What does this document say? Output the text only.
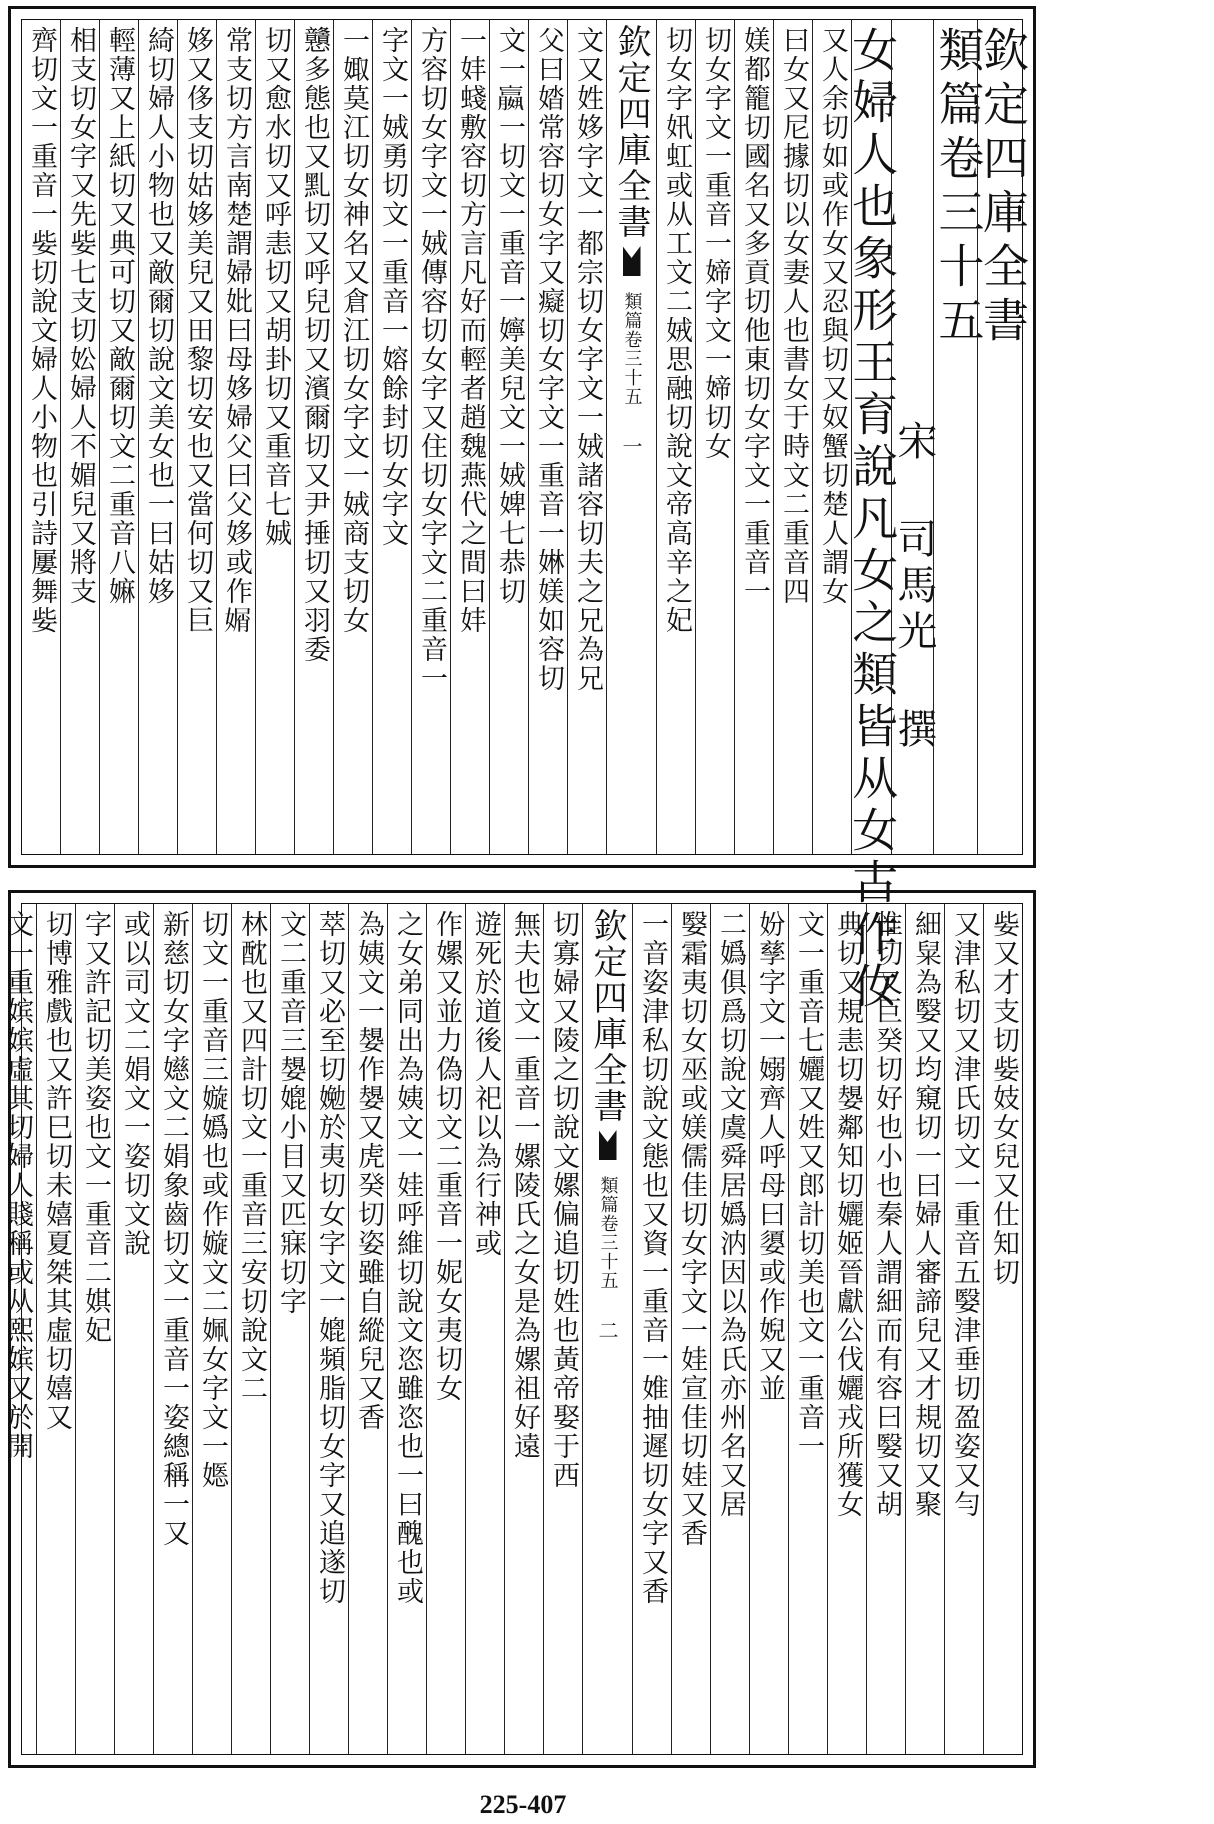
欽定四庫全書
類篇卷三十五
宋 司馬光 撰
女婦人也象形王育說凡女之類皆从女古作㚢
又人余切如或作女又忍與切又奴蟹切楚人謂女
曰女又尼據切以女妻人也書女于時文二重音四
媄都籠切國名又多貢切他東切女字文一重音一
切女字文一重音一媂字文一媂切女
切女字㚨虹或从工文二娀思融切說文帝高辛之妃
欽定四庫全書
類篇卷三十五
一
文又姓姼字文一都宗切女字文一娀諸容切夫之兄為兄
父曰㛥常容切女字又癡切女字文一重音一㛦媄如容切
文一𡣍一切文一重音一嬣美兒文一娀婢七恭切
一妦䗃敷容切方言凡好而輕者趙魏燕代之間曰妦
方容切女字文一娀傳容切女字又住切女字文二重音一
字文一娀勇切文一重音一嫆餘封切女字文
一娵莫江切女神名又倉江切女字文一娀商支切女
戇多態也又䵝切又呼兒切又濱爾切又尹捶切又羽委
切又愈水切又呼恚切又胡卦切又重音七娍
常支切方言南楚謂婦妣曰母姼婦父曰父姼或作𡟩
姼又侈支切姑姼美兒又田黎切安也又當何切又巨
綺切婦人小物也又敵爾切說文美女也一曰姑姼
輕薄又上紙切又典可切又敵爾切文二重音八嫲
相支切女字又先姕七支切妐婦人不媚兒又將支
齊切文一重音一姕切說文婦人小物也引詩屢舞姕
姕又才支切姕妓女兒又仕知切
又津私切又津氏切文一重音五嫛津垂切盈姿又勻
細䊆為嫛又均窺切一曰婦人審諦兒又才規切又聚
惟切又巨癸切好也小也秦人謂細而有容曰嫛又胡
典切又規恚切嫢鄰知切孋姬晉獻公伐孋戎所獲女
文一重音七孋又姓又郎計切美也文一重音一
妢孳字文一嫋齊人呼母曰嬃或作婗又並
二嬀俱爲切說文虞舜居嬀汭因以為氏亦州名又居
嫛霜夷切女巫或媄儒佳切女字文一娃宣佳切娃又香
一音姿津私切說文態也又資一重音一婎抽遲切女字又香
欽定四庫全書
類篇卷三十五
二
切寡婦又陵之切說文嫘偏追切姓也黃帝娶于西
無夫也文一重音一嫘陵氏之女是為嫘祖好遠
遊死於道後人祀以為行神或
作嫘又並力偽切文二重音一妮女夷切女
之女弟同出為姨文一娃呼維切說文恣雖恣也一曰醜也或
為姨文一嫢作嫢又虎癸切姿雖自縱兒又香
萃切又必至切㛯於夷切女字文一媲頻脂切女字又追遂切
文二重音三嫢媲小目又匹寐切字
林酖也又四計切文一重音三安切說文二
切文一重音三嫙嬀也或作嫙文二姵女字文一嫕
新慈切女字嬨文二娟象齒切文一重音一姿總稱一又
或以司文二娟文一姿切文說
字又許記切美姿也文一重音二娸妃
切博雅戲也又許巳切未嬉夏桀其虛切嬉又
文一重嫔嫔虛其切婦人賤稱或从熙嫔又於開
225-407
